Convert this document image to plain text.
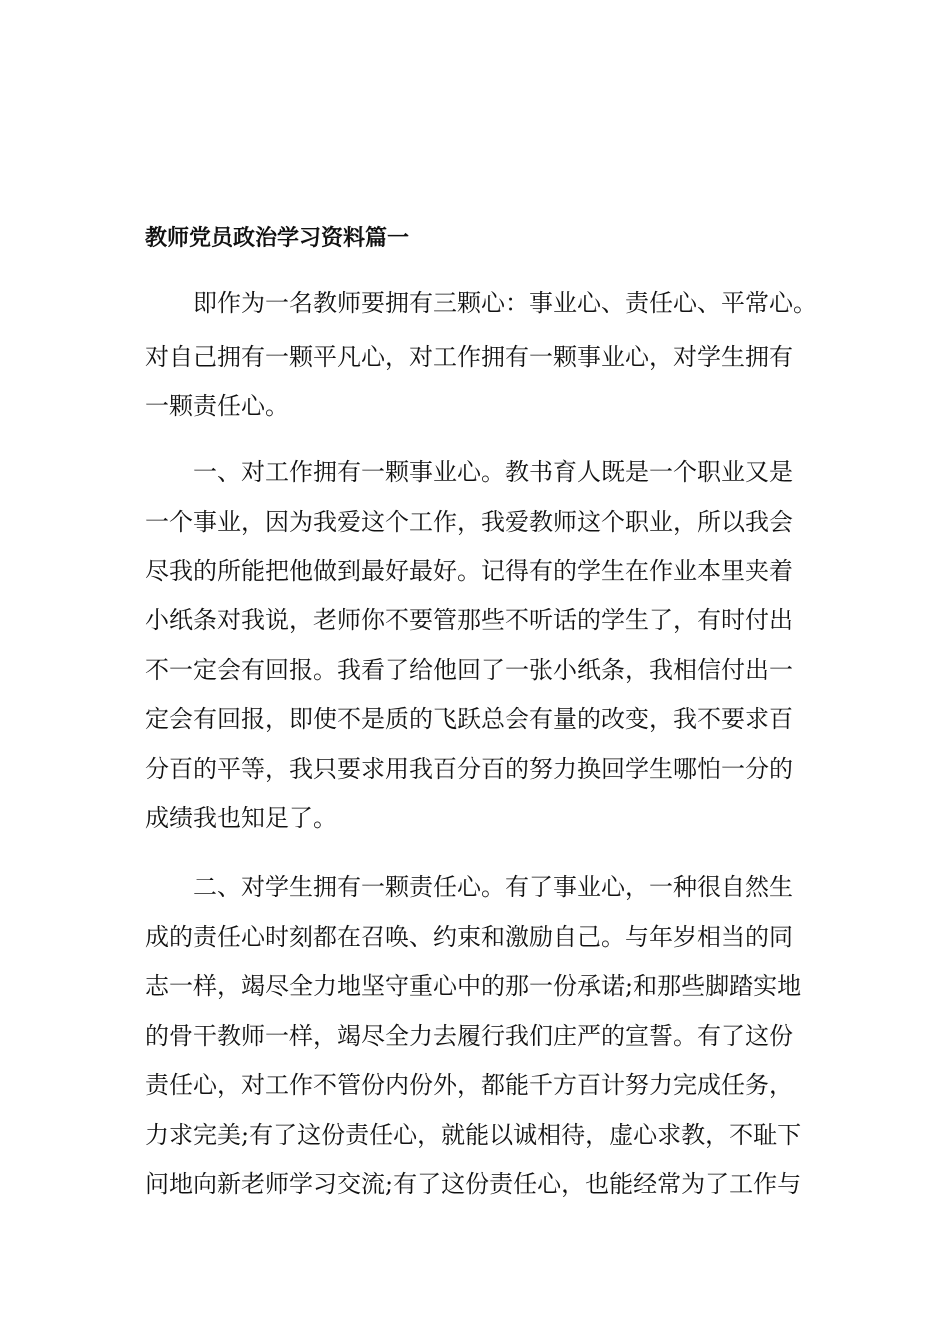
教师党员政治学习资料篇一
即作为一名教师要拥有三颗心：事业心、责任心、平常心。
对自己拥有一颗平凡心，对工作拥有一颗事业心，对学生拥有
一颗责任心。
一、对工作拥有一颗事业心。教书育人既是一个职业又是
一个事业，因为我爱这个工作，我爱教师这个职业，所以我会
尽我的所能把他做到最好最好。记得有的学生在作业本里夹着
小纸条对我说，老师你不要管那些不听话的学生了，有时付出
不一定会有回报。我看了给他回了一张小纸条，我相信付出一
定会有回报，即使不是质的飞跃总会有量的改变，我不要求百
分百的平等，我只要求用我百分百的努力换回学生哪怕一分的
成绩我也知足了。
二、对学生拥有一颗责任心。有了事业心，一种很自然生
成的责任心时刻都在召唤、约束和激励自己。与年岁相当的同
志一样，竭尽全力地坚守重心中的那一份承诺;和那些脚踏实地
的骨干教师一样，竭尽全力去履行我们庄严的宣誓。有了这份
责任心，对工作不管份内份外，都能千方百计努力完成任务，
力求完美;有了这份责任心，就能以诚相待，虚心求教，不耻下
问地向新老师学习交流;有了这份责任心，也能经常为了工作与
